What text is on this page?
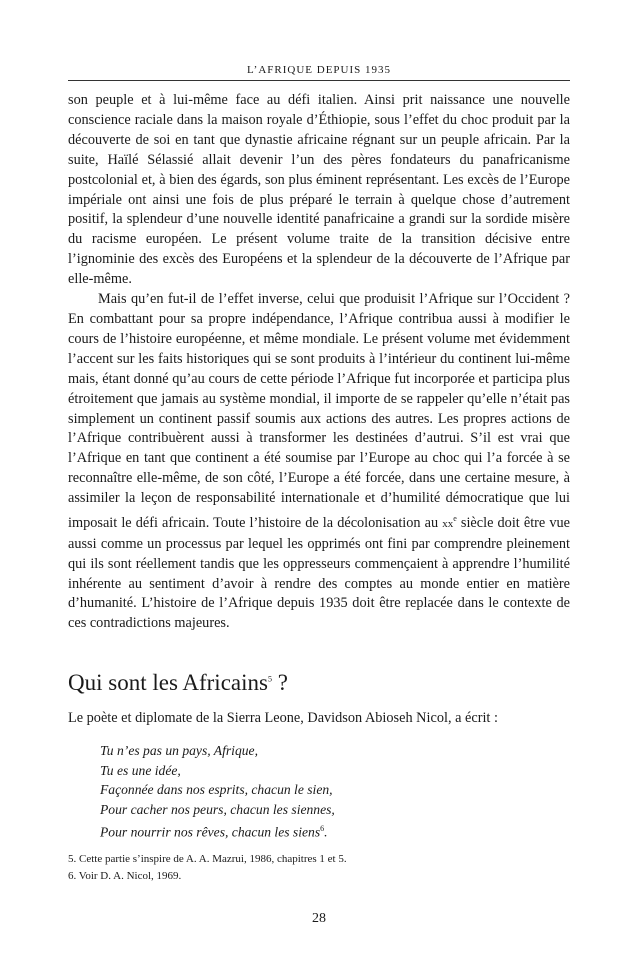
L’AFRIQUE DEPUIS 1935

son peuple et à lui-même face au défi italien. Ainsi prit naissance une nouvelle conscience raciale dans la maison royale d’Éthiopie, sous l’effet du choc produit par la découverte de soi en tant que dynastie africaine régnant sur un peuple africain. Par la suite, Haïlé Sélassié allait devenir l’un des pères fondateurs du panafricanisme postcolonial et, à bien des égards, son plus éminent représentant. Les excès de l’Europe impériale ont ainsi une fois de plus préparé le terrain à quelque chose d’autrement positif, la splendeur d’une nouvelle identité panafricaine a grandi sur la sordide misère du racisme européen. Le présent volume traite de la transition décisive entre l’ignominie des excès des Européens et la splendeur de la découverte de l’Afrique par elle-même.

Mais qu’en fut-il de l’effet inverse, celui que produisit l’Afrique sur l’Occident ? En combattant pour sa propre indépendance, l’Afrique contribua aussi à modifier le cours de l’histoire européenne, et même mondiale. Le présent volume met évidemment l’accent sur les faits historiques qui se sont produits à l’intérieur du continent lui-même mais, étant donné qu’au cours de cette période l’Afrique fut incorporée et participa plus étroitement que jamais au système mondial, il importe de se rappeler qu’elle n’était pas simplement un continent passif soumis aux actions des autres. Les propres actions de l’Afrique contribuèrent aussi à transformer les destinées d’autrui. S’il est vrai que l’Afrique en tant que continent a été soumise par l’Europe au choc qui l’a forcée à se reconnaître elle-même, de son côté, l’Europe a été forcée, dans une certaine mesure, à assimiler la leçon de responsabilité internationale et d’humilité démocratique que lui imposait le défi africain. Toute l’histoire de la décolonisation au $xx^e$ siècle doit être vue aussi comme un processus par lequel les opprimés ont fini par comprendre pleinement qui ils sont réellement tandis que les oppresseurs commençaient à apprendre l’humilité inhérente au sentiment d’avoir à rendre des comptes au monde entier en matière d’humanité. L’histoire de l’Afrique depuis 1935 doit être replacée dans le contexte de ces contradictions majeures.

Qui sont les Africains$^5$ ?

Le poète et diplomate de la Sierra Leone, Davidson Abioseh Nicol, a écrit :

Tu n’es pas un pays, Afrique,
Tu es une idée,
Façonnée dans nos esprits, chacun le sien,
Pour cacher nos peurs, chacun les siennes,
Pour nourrir nos rêves, chacun les siens$^6$.
5. Cette partie s’inspire de A. A. Mazrui, 1986, chapitres 1 et 5.
6. Voir D. A. Nicol, 1969.
28
